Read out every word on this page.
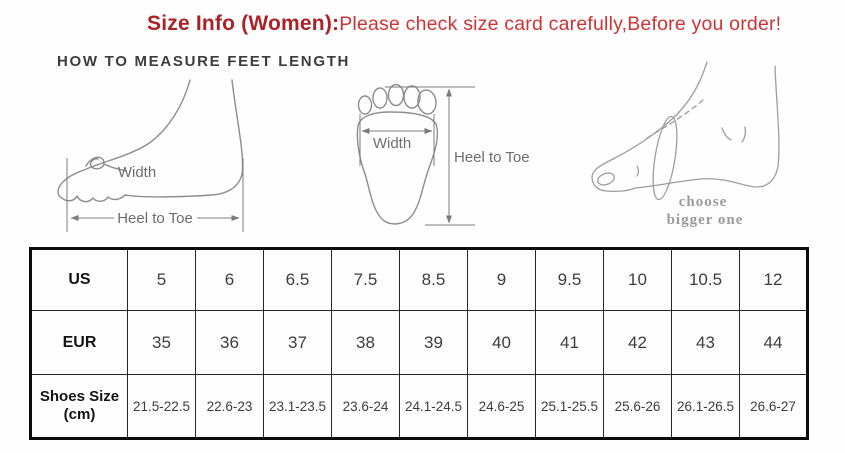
Size Info (Women):Please check size card carefully,Before you order!
HOW TO MEASURE FEET LENGTH
Width
Heel to Toe
Width
Heel to Toe
choose
bigger one
US	5	6	6.5	7.5	8.5	9	9.5	10	10.5	12
EUR	35	36	37	38	39	40	41	42	43	44
Shoes Size (cm)	21.5-22.5	22.6-23	23.1-23.5	23.6-24	24.1-24.5	24.6-25	25.1-25.5	25.6-26	26.1-26.5	26.6-27
